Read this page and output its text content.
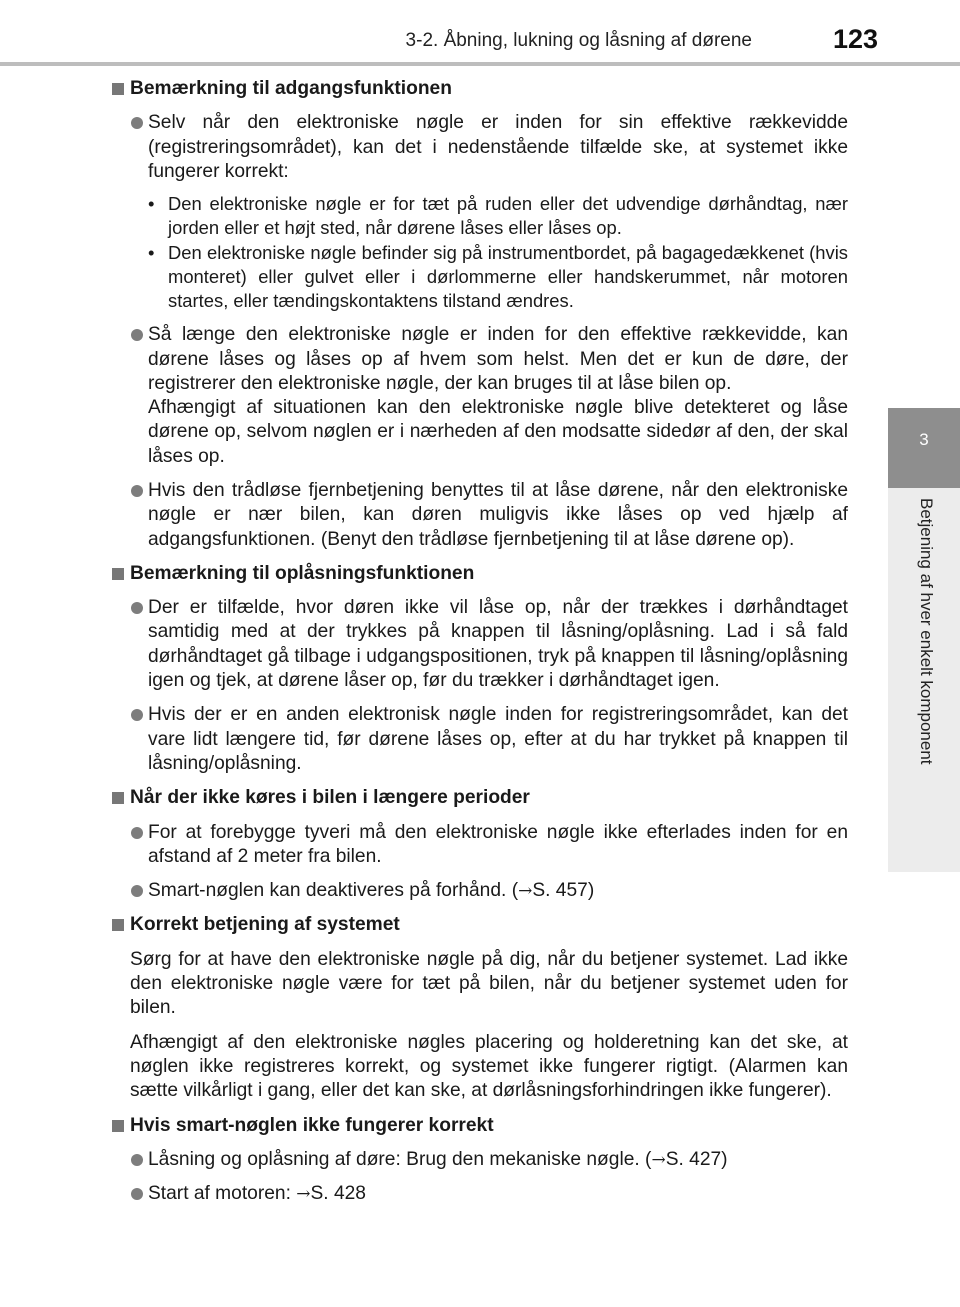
3-2. Åbning, lukning og låsning af dørene	123
3
Betjening af hver enkelt komponent
Bemærkning til adgangsfunktionen
Selv når den elektroniske nøgle er inden for sin effektive rækkevidde (registreringsområdet), kan det i nedenstående tilfælde ske, at systemet ikke fungerer korrekt:
• Den elektroniske nøgle er for tæt på ruden eller det udvendige dørhåndtag, nær jorden eller et højt sted, når dørene låses eller låses op.
• Den elektroniske nøgle befinder sig på instrumentbordet, på bagagedækkenet (hvis monteret) eller gulvet eller i dørlommerne eller handskerummet, når motoren startes, eller tændingskontaktens tilstand ændres.
Så længe den elektroniske nøgle er inden for den effektive rækkevidde, kan dørene låses og låses op af hvem som helst. Men det er kun de døre, der registrerer den elektroniske nøgle, der kan bruges til at låse bilen op.
Afhængigt af situationen kan den elektroniske nøgle blive detekteret og låse dørene op, selvom nøglen er i nærheden af den modsatte sidedør af den, der skal låses op.
Hvis den trådløse fjernbetjening benyttes til at låse dørene, når den elektroniske nøgle er nær bilen, kan døren muligvis ikke låses op ved hjælp af adgangsfunktionen. (Benyt den trådløse fjernbetjening til at låse dørene op).
Bemærkning til oplåsningsfunktionen
Der er tilfælde, hvor døren ikke vil låse op, når der trækkes i dørhåndtaget samtidig med at der trykkes på knappen til låsning/oplåsning. Lad i så fald dørhåndtaget gå tilbage i udgangspositionen, tryk på knappen til låsning/oplåsning igen og tjek, at dørene låser op, før du trækker i dørhåndtaget igen.
Hvis der er en anden elektronisk nøgle inden for registreringsområdet, kan det vare lidt længere tid, før dørene låses op, efter at du har trykket på knappen til låsning/oplåsning.
Når der ikke køres i bilen i længere perioder
For at forebygge tyveri må den elektroniske nøgle ikke efterlades inden for en afstand af 2 meter fra bilen.
Smart-nøglen kan deaktiveres på forhånd. (→S. 457)
Korrekt betjening af systemet
Sørg for at have den elektroniske nøgle på dig, når du betjener systemet. Lad ikke den elektroniske nøgle være for tæt på bilen, når du betjener systemet uden for bilen.
Afhængigt af den elektroniske nøgles placering og holderetning kan det ske, at nøglen ikke registreres korrekt, og systemet ikke fungerer rigtigt. (Alarmen kan sætte vilkårligt i gang, eller det kan ske, at dørlåsningsforhindringen ikke fungerer).
Hvis smart-nøglen ikke fungerer korrekt
Låsning og oplåsning af døre: Brug den mekaniske nøgle. (→S. 427)
Start af motoren: →S. 428
